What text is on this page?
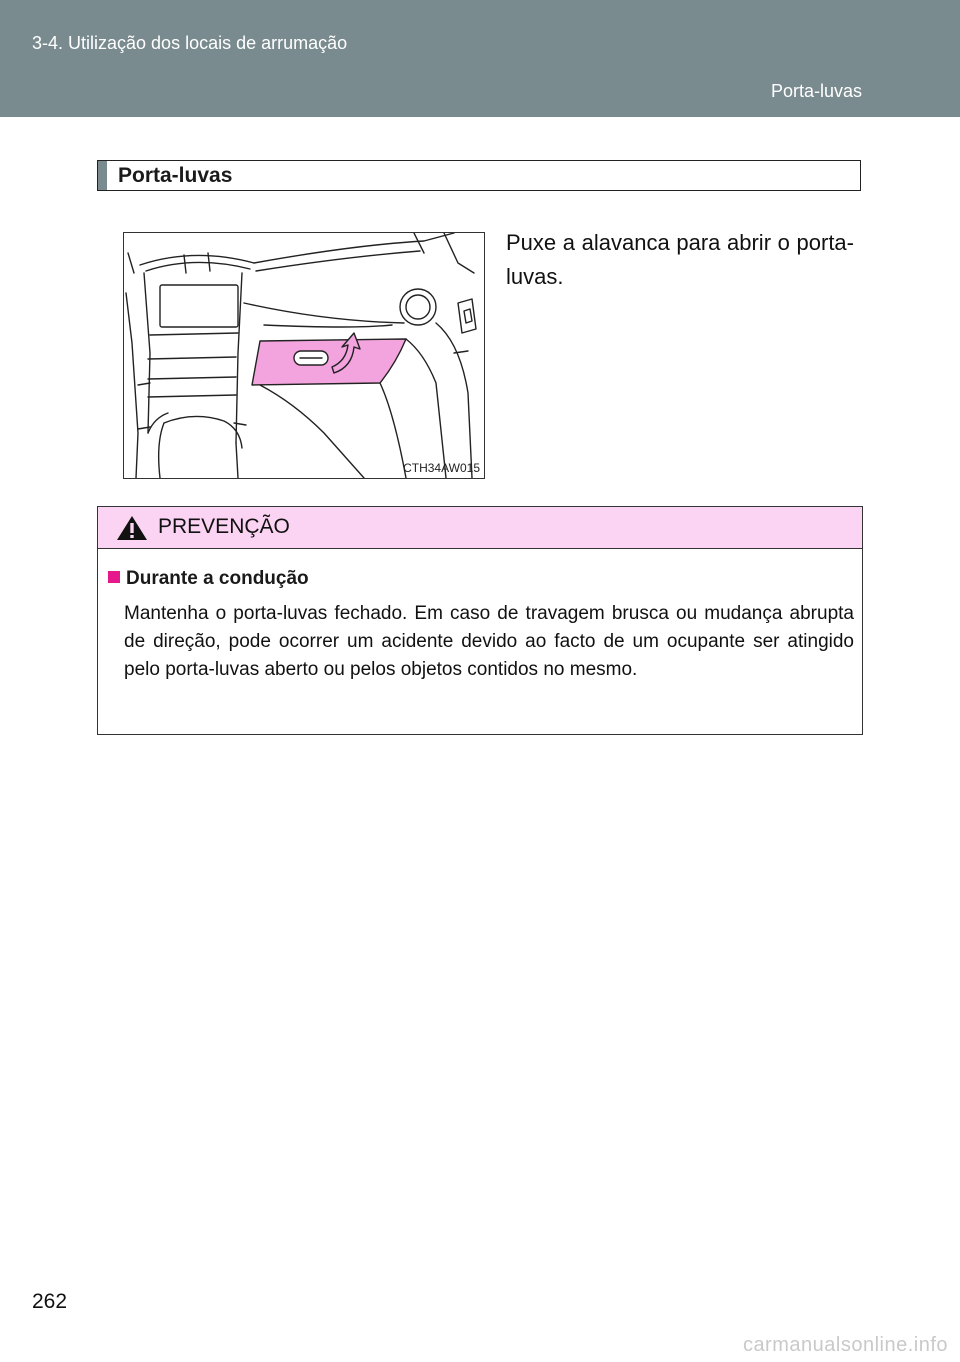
3-4. Utilização dos locais de arrumação
Porta-luvas
Porta-luvas
CTH34AW015
Puxe a alavanca para abrir o porta-luvas.
PREVENÇÃO
Durante a condução
Mantenha o porta-luvas fechado. Em caso de travagem brusca ou mudança abrupta de direção, pode ocorrer um acidente devido ao facto de um ocupante ser atingido pelo porta-luvas aberto ou pelos objetos contidos no mesmo.
262
carmanualsonline.info
